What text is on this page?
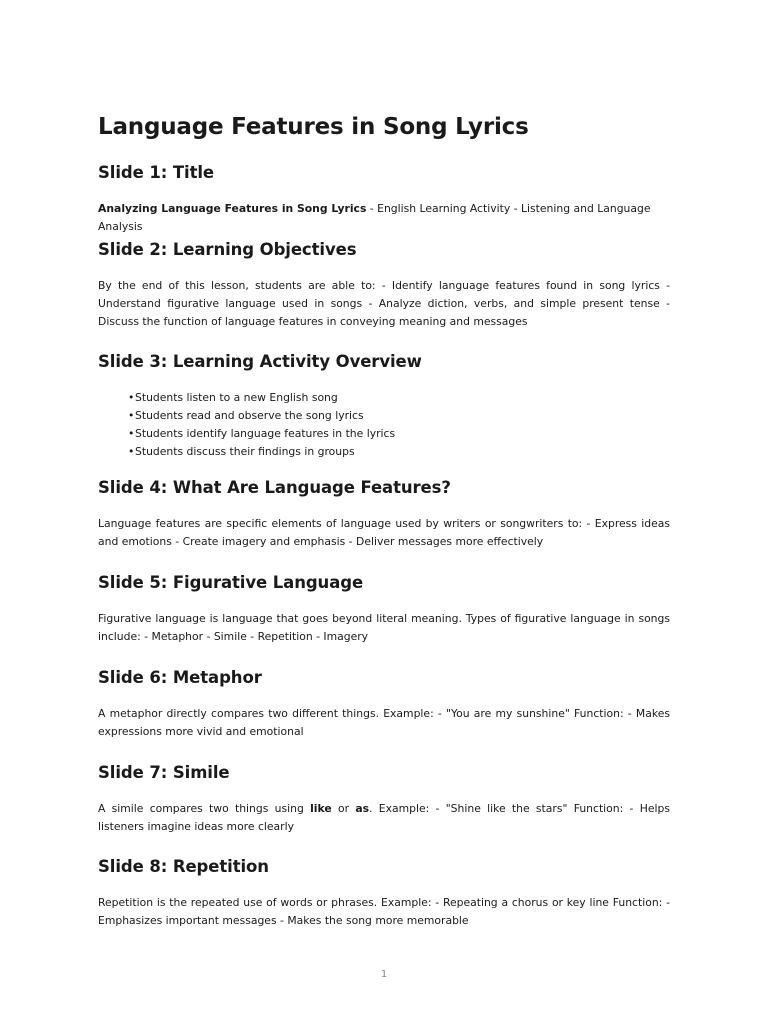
Language Features in Song Lyrics
Slide 1: Title

Analyzing Language Features in Song Lyrics - English Learning Activity - Listening and Language Analysis

Slide 2: Learning Objectives

By the end of this lesson, students are able to: - Identify language features found in song lyrics - Understand figurative language used in songs - Analyze diction, verbs, and simple present tense - Discuss the function of language features in conveying meaning and messages

Slide 3: Learning Activity Overview
• Students listen to a new English song
• Students read and observe the song lyrics
• Students identify language features in the lyrics
• Students discuss their findings in groups
Slide 4: What Are Language Features?

Language features are specific elements of language used by writers or songwriters to: - Express ideas and emotions - Create imagery and emphasis - Deliver messages more effectively

Slide 5: Figurative Language

Figurative language is language that goes beyond literal meaning. Types of figurative language in songs include: - Metaphor - Simile - Repetition - Imagery

Slide 6: Metaphor

A metaphor directly compares two different things. Example: - "You are my sunshine" Function: - Makes expressions more vivid and emotional

Slide 7: Simile

A simile compares two things using like or as. Example: - "Shine like the stars" Function: - Helps listeners imagine ideas more clearly

Slide 8: Repetition

Repetition is the repeated use of words or phrases. Example: - Repeating a chorus or key line Function: - Emphasizes important messages - Makes the song more memorable

1
